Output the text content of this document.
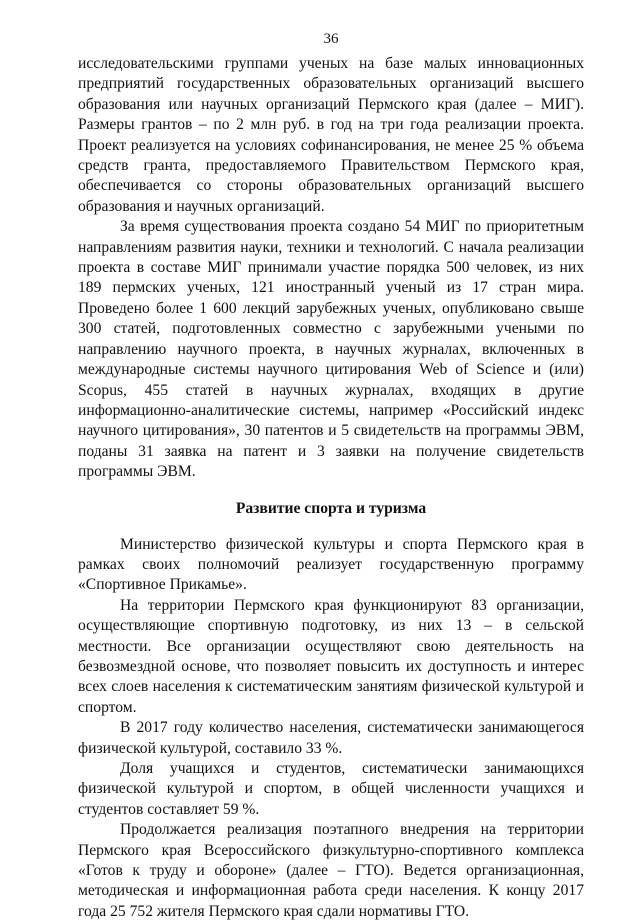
36

исследовательскими группами ученых на базе малых инновационных предприятий государственных образовательных организаций высшего образования или научных организаций Пермского края (далее – МИГ). Размеры грантов – по 2 млн руб. в год на три года реализации проекта. Проект реализуется на условиях софинансирования, не менее 25 % объема средств гранта, предоставляемого Правительством Пермского края, обеспечивается со стороны образовательных организаций высшего образования и научных организаций.

За время существования проекта создано 54 МИГ по приоритетным направлениям развития науки, техники и технологий. С начала реализации проекта в составе МИГ принимали участие порядка 500 человек, из них 189 пермских ученых, 121 иностранный ученый из 17 стран мира. Проведено более 1 600 лекций зарубежных ученых, опубликовано свыше 300 статей, подготовленных совместно с зарубежными учеными по направлению научного проекта, в научных журналах, включенных в международные системы научного цитирования Web of Science и (или) Scopus, 455 статей в научных журналах, входящих в другие информационно-аналитические системы, например «Российский индекс научного цитирования», 30 патентов и 5 свидетельств на программы ЭВМ, поданы 31 заявка на патент и 3 заявки на получение свидетельств программы ЭВМ.

Развитие спорта и туризма

Министерство физической культуры и спорта Пермского края в рамках своих полномочий реализует государственную программу «Спортивное Прикамье».

На территории Пермского края функционируют 83 организации, осуществляющие спортивную подготовку, из них 13 – в сельской местности. Все организации осуществляют свою деятельность на безвозмездной основе, что позволяет повысить их доступность и интерес всех слоев населения к систематическим занятиям физической культурой и спортом.

В 2017 году количество населения, систематически занимающегося физической культурой, составило 33 %.

Доля учащихся и студентов, систематически занимающихся физической культурой и спортом, в общей численности учащихся и студентов составляет 59 %.

Продолжается реализация поэтапного внедрения на территории Пермского края Всероссийского физкультурно-спортивного комплекса «Готов к труду и обороне» (далее – ГТО). Ведется организационная, методическая и информационная работа среди населения. К концу 2017 года 25 752 жителя Пермского края сдали нормативы ГТО.
